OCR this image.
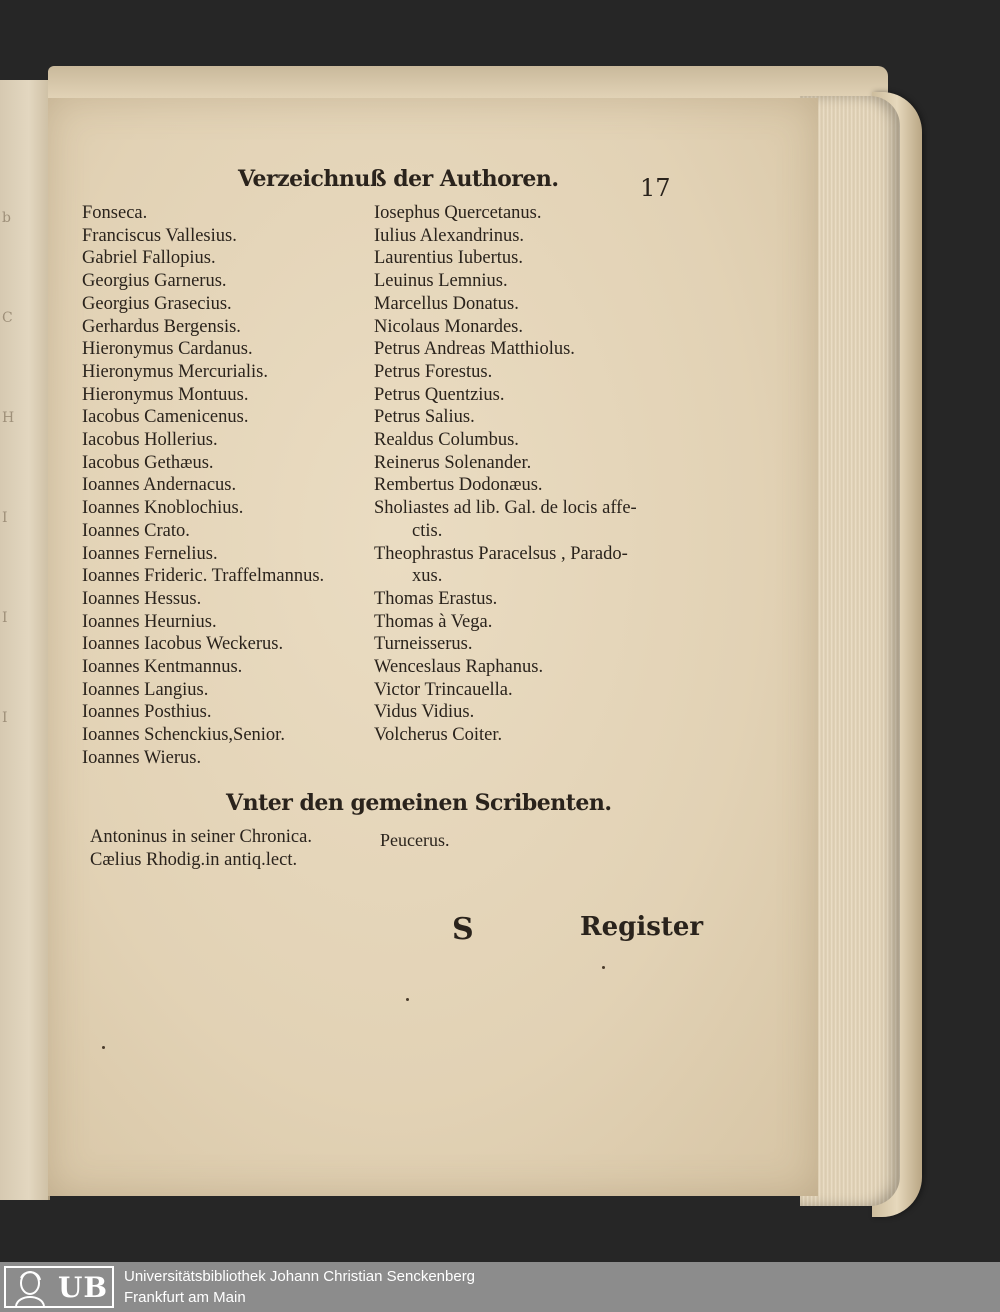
b
C
H
I
I
I
Verzeichnuß der Authoren.	17
Fonseca.
Franciscus Vallesius.
Gabriel Fallopius.
Georgius Garnerus.
Georgius Grasecius.
Gerhardus Bergensis.
Hieronymus Cardanus.
Hieronymus Mercurialis.
Hieronymus Montuus.
Iacobus Camenicenus.
Iacobus Hollerius.
Iacobus Gethæus.
Ioannes Andernacus.
Ioannes Knoblochius.
Ioannes Crato.
Ioannes Fernelius.
Ioannes Frideric. Traffelmannus.
Ioannes Hessus.
Ioannes Heurnius.
Ioannes Iacobus Weckerus.
Ioannes Kentmannus.
Ioannes Langius.
Ioannes Posthius.
Ioannes Schenckius,Senior.
Ioannes Wierus.
Iosephus Quercetanus.
Iulius Alexandrinus.
Laurentius Iubertus.
Leuinus Lemnius.
Marcellus Donatus.
Nicolaus Monardes.
Petrus Andreas Matthiolus.
Petrus Forestus.
Petrus Quentzius.
Petrus Salius.
Realdus Columbus.
Reinerus Solenander.
Rembertus Dodonæus.
Sholiastes ad lib. Gal. de locis affe-
ctis.
Theophrastus Paracelsus , Parado-
xus.
Thomas Erastus.
Thomas à Vega.
Turneisserus.
Wenceslaus Raphanus.
Victor Trincauella.
Vidus Vidius.
Volcherus Coiter.
Vnter den gemeinen Scribenten.
Antoninus in seiner Chronica.
Cælius Rhodig.in antiq.lect.
Peucerus.
S	Register
UB Universitätsbibliothek Johann Christian Senckenberg
Frankfurt am Main
